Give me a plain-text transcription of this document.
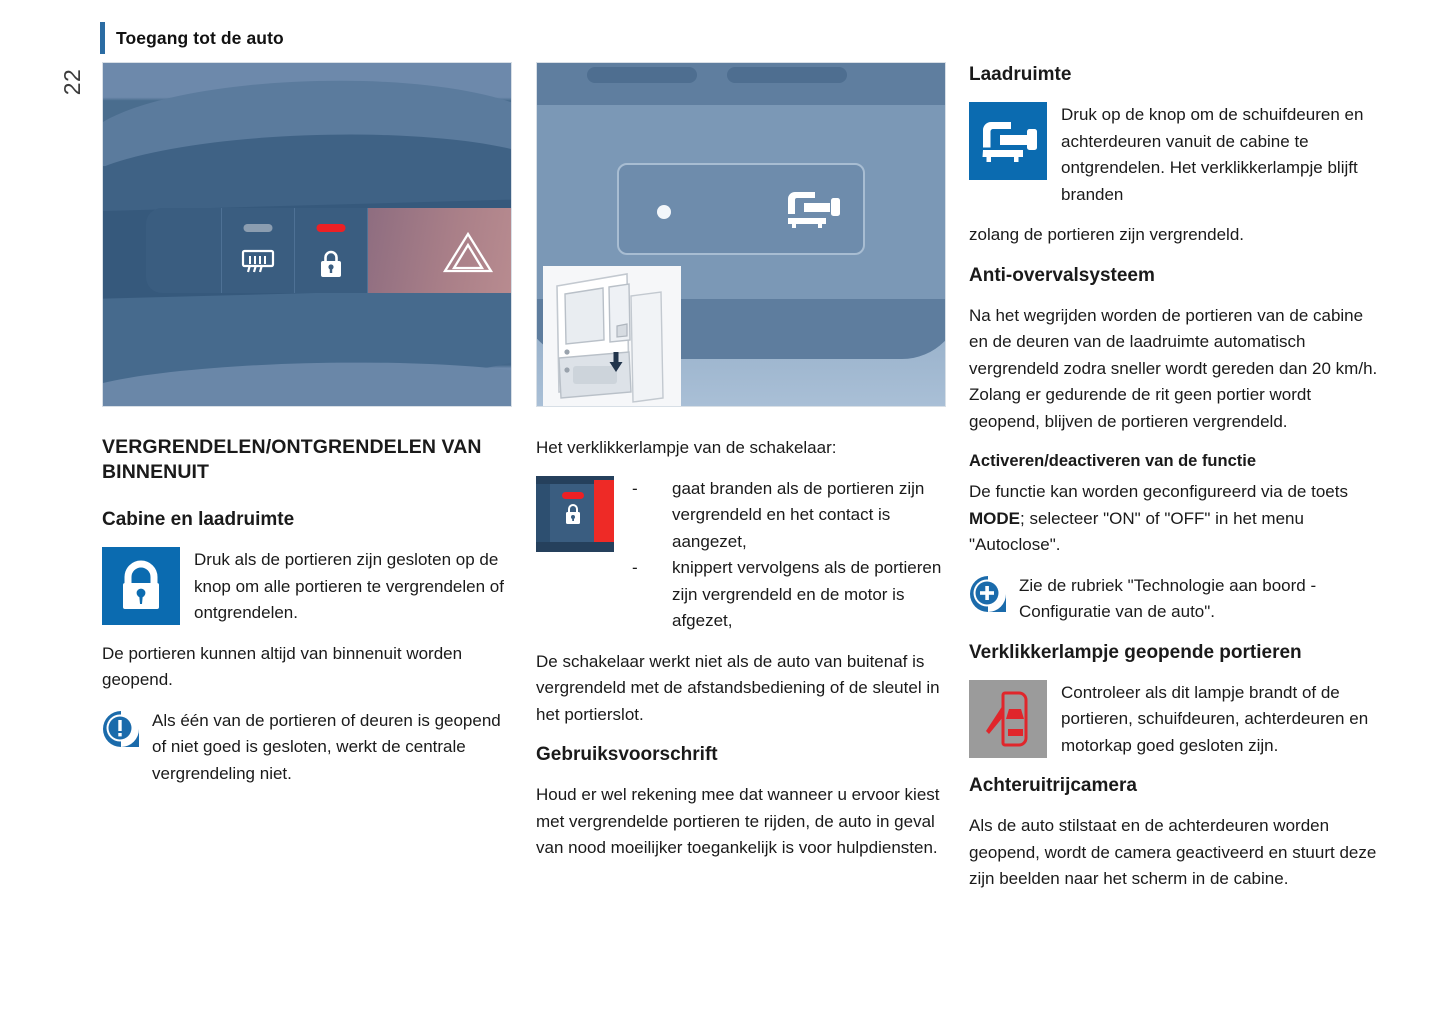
Toegang tot de auto
22
VERGRENDELEN/ONTGRENDELEN VAN BINNENUIT
Cabine en laadruimte
Druk als de portieren zijn gesloten op de knop om alle portieren te vergrendelen of ontgrendelen.

De portieren kunnen altijd van binnenuit worden geopend.

Als één van de portieren of deuren is geopend of niet goed is gesloten, werkt de centrale vergrendeling niet.

Het verklikkerlampje van de schakelaar:

-	gaat branden als de portieren zijn vergrendeld en het contact is aangezet,
-	knippert vervolgens als de portieren zijn vergrendeld en de motor is afgezet,

De schakelaar werkt niet als de auto van buitenaf is vergrendeld met de afstandsbediening of de sleutel in het portierslot.

Gebruiksvoorschrift

Houd er wel rekening mee dat wanneer u ervoor kiest met vergrendelde portieren te rijden, de auto in geval van nood moeilijker toegankelijk is voor hulpdiensten.

Laadruimte
Druk op de knop om de schuifdeuren en achterdeuren vanuit de cabine te ontgrendelen. Het verklikkerlampje blijft branden

zolang de portieren zijn vergrendeld.

Anti-overvalsysteem

Na het wegrijden worden de portieren van de cabine en de deuren van de laadruimte automatisch vergrendeld zodra sneller wordt gereden dan 20 km/h.

Zolang er gedurende de rit geen portier wordt geopend, blijven de portieren vergrendeld.

Activeren/deactiveren van de functie

De functie kan worden geconfigureerd via de toets MODE; selecteer "ON" of "OFF" in het menu "Autoclose".

Zie de rubriek "Technologie aan boord - Configuratie van de auto".
Verklikkerlampje geopende portieren
Controleer als dit lampje brandt of de portieren, schuifdeuren, achterdeuren en motorkap goed gesloten zijn.
Achteruitrijcamera

Als de auto stilstaat en de achterdeuren worden geopend, wordt de camera geactiveerd en stuurt deze zijn beelden naar het scherm in de cabine.
